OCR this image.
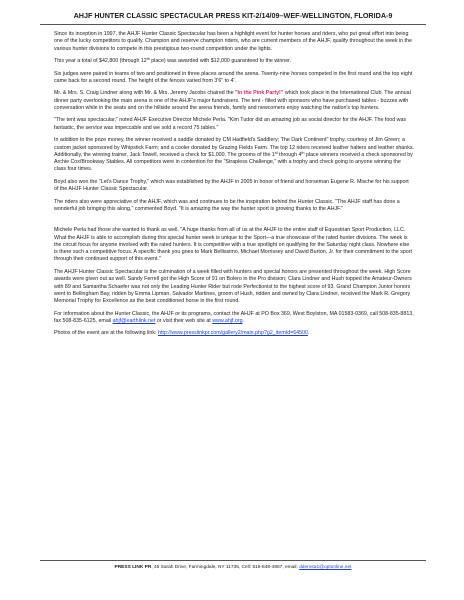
AHJF HUNTER CLASSIC SPECTACULAR PRESS KIT-2/14/09–WEF-WELLINGTON, FLORIDA-9

Since its inception in 1997, the AHJF Hunter Classic Spectacular has been a highlight event for hunter horses and riders, who put great effort into being one of the lucky competitors to qualify. Champion and reserve champion riders, who are current members of the AHJF, qualify throughout the week in the various hunter divisions to compete in this prestigious two-round competition under the lights.

This year a total of $42,800 (through 12th place) was awarded with $12,000 guaranteed to the winner.

Six judges were paired in teams of two and positioned in three places around the arena. Twenty-nine horses competed in the first round and the top eight came back for a second round. The height of the fences varied from 3'6" to 4'.

Mr. & Mrs. S. Craig Lindner along with Mr. & Mrs. Jeremy Jacobs chaired the "In the Pink Party!" which took place in the International Club. The annual dinner party overlooking the main arena is one of the AHJF's major fundraisers. The tent - filled with sponsors who have purchased tables - buzzes with conversation while in the seats and on the hillside around the arena friends, family and newcomers enjoy watching the nation's top hunters.

"The tent was spectacular," noted AHJF Executive Director Michele Perla. "Kim Tudor did an amazing job as social director for the AHJF. The food was fantastic, the service was impeccable and we sold a record 75 tables."

In addition to the prize money, the winner received a saddle donated by CM Hadfield's Saddlery; The Dark Continent" trophy, courtesy of Jim Green; a custom jacket sponsored by Whipstick Farm; and a cooler donated by Grazing Fields Farm. The top 12 riders received leather halters and leather shanks. Additionally, the winning trainer, Jack Towell, received a check for $1,000. The grooms of the 1st through 4th place winners received a check sponsored by Archie Cox/Brookway Stables. All competitors were in contention for the "Strapless Challenge," with a trophy and check going to anyone winning the class four times.

Boyd also won the "Let's Dance Trophy," which was established by the AHJF in 2005 in honor of friend and horseman Eugene R. Mische for his support of the AHJF Hunter Classic Spectacular.

The riders also were appreciative of the AHJF, which was and continues to be the inspiration behind the Hunter Classic. "The AHJF staff has done a wonderful job bringing this along," commented Boyd. "It is amazing the way the hunter sport is growing thanks to the AHJF."

Michele Perla had those she wanted to thank as well. "A huge thanks from all of us at the AHJF to the entire staff of Equestrian Sport Production, LLC. What the AHJF is able to accomplish during this special hunter week is unique to the Sport—a true showcase of the rated hunter divisions. The week is the circuit focus for anyone involved with the rated hunters. It is competitive with a true spotlight on qualifying for the Saturday night class. Nowhere else is there such a competitive focus. A specific thank you goes to Mark Bellissimo, Michael Morrissey and David Burton, Jr. for their commitment to the sport through their continued support of this event."

The AHJF Hunter Classic Spectacular is the culmination of a week filled with hunters and special honors are presented throughout the week. High Score awards were given out as well. Sandy Ferrell got the High Score of 91 on Bolero in the Pro division; Clara Lindner and Hush topped the Amateur-Owners with 89 and Samantha Schaefer was not only the Leading Hunter Rider but rode Perfectionist to the highest score of 93. Grand Champion Junior honors went to Bellingham Bay, ridden by Emma Lipman. Salvador Martines, groom of Hush, ridden and owned by Clara Lindner, received the Mark R. Gregory Memorial Trophy for Excellence as the best conditioned horse in the first round.

For information about the Hunter Classic, the AHJF or its programs, contact the AHJF at PO Box 369, West Boylston, MA 01583-0369, call 508-835-8813, fax 508-835-6125, email ahjf@earthlink.net or visit their web site at www.ahjf.org.

Photos of the event are at the following link: http://www.presslinkpr.com/gallery2/main.php?g2_itemId=64500.

PRESS LINK PR, 45 Sarah Drive, Farmingdale, NY 11735, Cell: 516-848-4867, email: dderosa1@optonline.net
